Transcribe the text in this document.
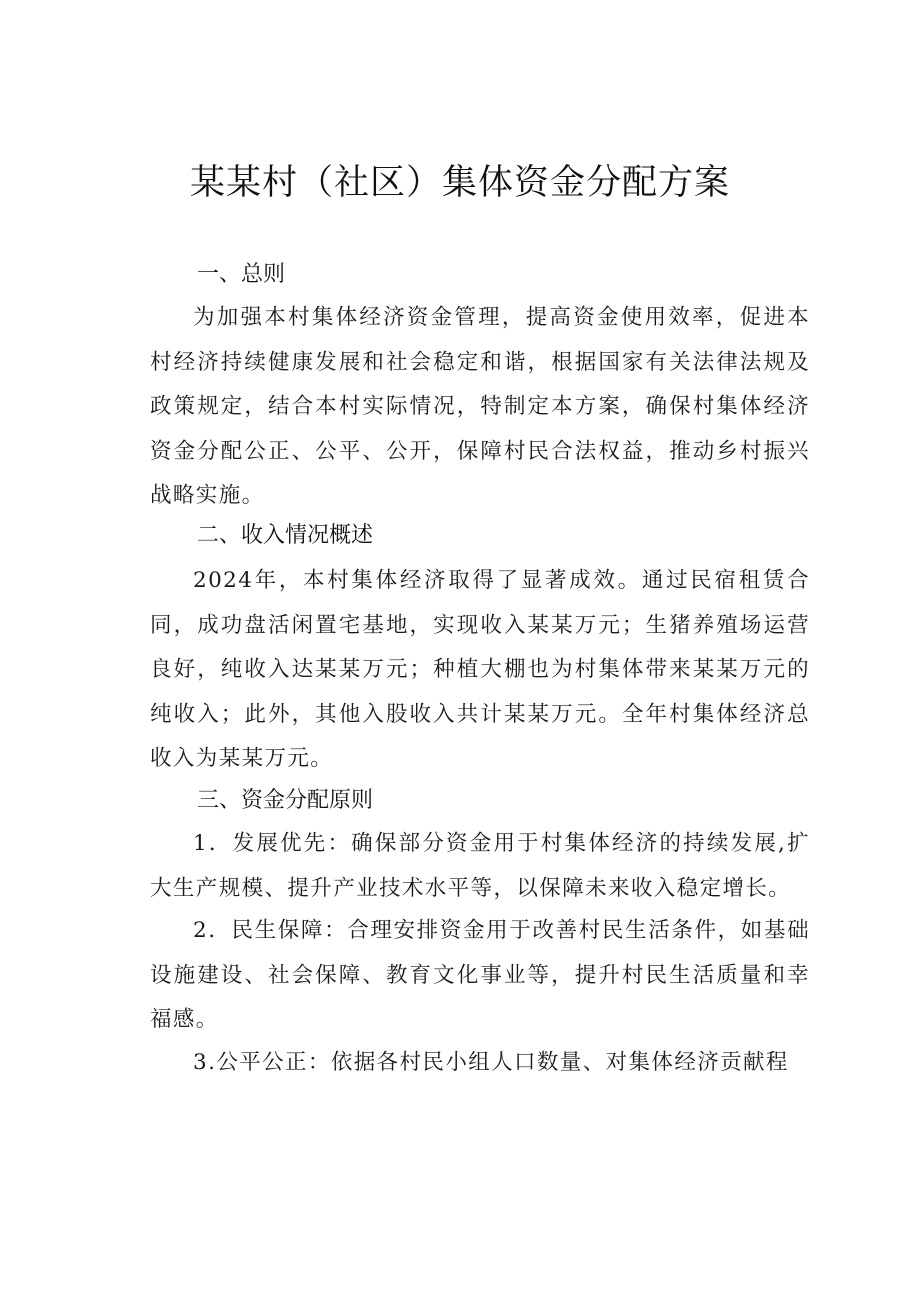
某某村（社区）集体资金分配方案
一、总则
为加强本村集体经济资金管理，提高资金使用效率，促进本村经济持续健康发展和社会稳定和谐，根据国家有关法律法规及政策规定，结合本村实际情况，特制定本方案，确保村集体经济资金分配公正、公平、公开，保障村民合法权益，推动乡村振兴战略实施。
二、收入情况概述
2024年，本村集体经济取得了显著成效。通过民宿租赁合同，成功盘活闲置宅基地，实现收入某某万元；生猪养殖场运营良好，纯收入达某某万元；种植大棚也为村集体带来某某万元的纯收入；此外，其他入股收入共计某某万元。全年村集体经济总收入为某某万元。
三、资金分配原则
1．发展优先：确保部分资金用于村集体经济的持续发展,扩大生产规模、提升产业技术水平等，以保障未来收入稳定增长。
2．民生保障：合理安排资金用于改善村民生活条件，如基础设施建设、社会保障、教育文化事业等，提升村民生活质量和幸福感。
3.公平公正：依据各村民小组人口数量、对集体经济贡献程
